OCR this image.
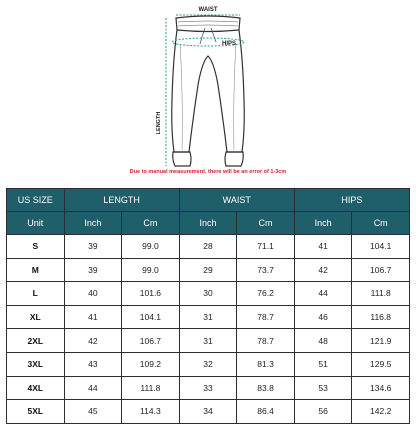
WAIST
HIPS
LENGTH
Due to manual measurement, there will be an error of 1-3cm
US SIZE	LENGTH		WAIST		HIPS	
Unit	Inch	Cm	Inch	Cm	Inch	Cm
S	39	99.0	28	71.1	41	104.1
M	39	99.0	29	73.7	42	106.7
L	40	101.6	30	76.2	44	111.8
XL	41	104.1	31	78.7	46	116.8
2XL	42	106.7	31	78.7	48	121.9
3XL	43	109.2	32	81.3	51	129.5
4XL	44	111.8	33	83.8	53	134.6
5XL	45	114.3	34	86.4	56	142.2
